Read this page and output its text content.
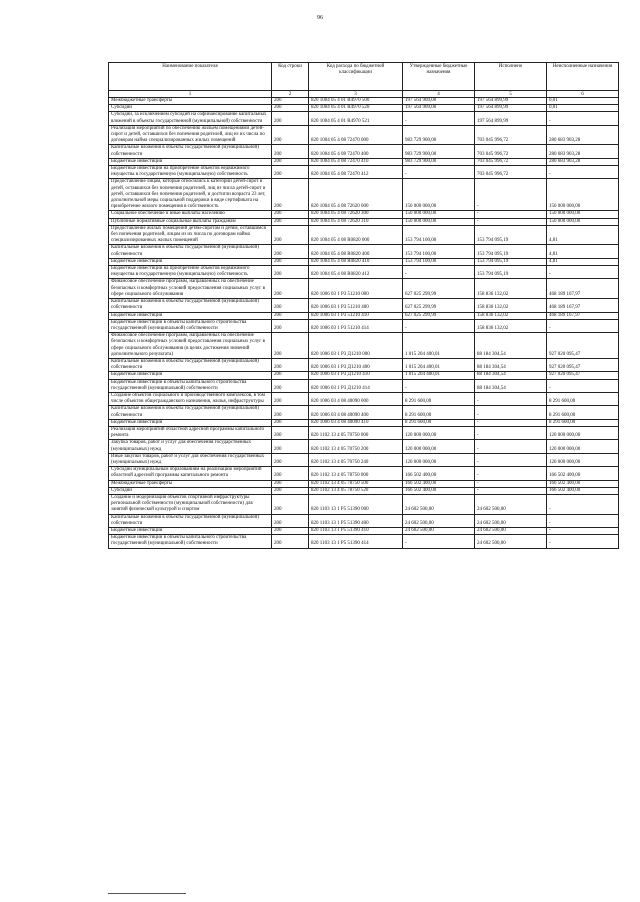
96
Наименование показателя	Код строки	Код расхода по бюджетной классификации	Утвержденные бюджетные назначения	Исполнено	Неисполненные назначения
1	2	3	4	5	6
Межбюджетные трансферты	200	820 1004 05 4 01 R4970 500	197 564 909,00	197 564 899,99	0,01
Субсидии	200	820 1004 05 4 01 R4970 520	197 564 909,00	197 564 899,99	0,01
Субсидии, за исключением субсидий на софинансирование капитальных вложений в объекты государственной (муниципальной) собственности	200	820 1004 05 4 01 R4970 521	-	197 564 899,99	-
Реализация мероприятий по обеспечению жильем помещениями детей-сирот и детей, оставшихся без попечения родителей, лиц из их числа по договорам найма специализированных жилых помещений	200	820 1004 05 4 08 72470 000	983 729 900,00	703 045 996,72	280 683 903,28
Капитальные вложения в объекты государственной (муниципальной) собственности	200	820 1004 05 4 08 72470 400	983 729 900,00	703 045 996,72	280 683 903,28
Бюджетные инвестиции	200	820 1004 05 4 08 72470 410	983 729 900,00	703 045 996,72	280 683 903,28
Бюджетные инвестиции на приобретение объектов недвижимого имущества в государственную (муниципальную) собственность	200	820 1004 05 4 08 72470 412	-	703 045 996,72	-
Предоставление лицам, которые относились к категории детей-сирот и детей, оставшихся без попечения родителей, лиц из числа детей-сирот и детей, оставшихся без попечения родителей, и достигли возраста 23 лет, дополнительной меры социальной поддержки в виде сертификата на приобретение жилого помещения в собственность	200	820 1004 05 4 08 72620 000	150 000 000,00	-	150 000 000,00
Социальное обеспечение и иные выплаты населению	200	820 1004 05 4 08 72620 300	150 000 000,00	-	150 000 000,00
Публичные нормативные социальные выплаты гражданам	200	820 1004 05 4 08 72620 310	150 000 000,00	-	150 000 000,00
Предоставление жилых помещений детям-сиротам и детям, оставшимся без попечения родителей, лицам из их числа по договорам найма специализированных жилых помещений	200	820 1004 05 4 08 R0820 000	153 794 100,00	153 794 095,19	4,81
Капитальные вложения в объекты государственной (муниципальной) собственности	200	820 1004 05 4 08 R0820 400	153 794 100,00	153 794 095,19	4,81
Бюджетные инвестиции	200	820 1004 05 4 08 R0820 410	153 794 100,00	153 794 095,19	4,81
Бюджетные инвестиции на приобретение объектов недвижимого имущества в государственную (муниципальную) собственность	200	820 1004 05 4 08 R0820 412	-	153 794 095,19	-
Финансовое обеспечение программ, направленных на обеспечение безопасных и комфортных условий предоставления социальных услуг в сфере социального обслуживания	200	820 1006 03 1 P3 51210 000	627 025 299,99	158 836 132,02	468 189 167,97
Капитальные вложения в объекты государственной (муниципальной) собственности	200	820 1006 03 1 P3 51210 400	627 025 299,99	158 836 132,02	468 189 167,97
Бюджетные инвестиции	200	820 1006 03 1 P3 51210 410	627 025 299,99	158 836 132,02	468 189 167,97
Бюджетные инвестиции в объекты капитального строительства государственной (муниципальной) собственности	200	820 1006 03 1 P3 51210 414	-	158 836 132,02	-
Финансовое обеспечение программ, направленных на обеспечение безопасных и комфортных условий предоставления социальных услуг в сфере социального обслуживания (в целях достижения значений дополнительного результата)	200	820 1006 03 1 P3 Д1210 000	1 015 204 400,01	88 184 304,54	927 020 095,47
Капитальные вложения в объекты государственной (муниципальной) собственности	200	820 1006 03 1 P3 Д1210 400	1 015 204 400,01	88 184 304,54	927 020 095,47
Бюджетные инвестиции	200	820 1006 03 1 P3 Д1210 410	1 015 204 400,01	88 184 304,54	927 020 095,47
Бюджетные инвестиции в объекты капитального строительства государственной (муниципальной) собственности	200	820 1006 03 1 P3 Д1210 414	-	88 184 304,54	-
Создание объектов социального и производственного комплексов, в том числе объектов общегражданского назначения, жилья, инфраструктуры	200	820 1006 03 4 08 40090 000	8 291 600,00	-	8 291 600,00
Капитальные вложения в объекты государственной (муниципальной) собственности	200	820 1006 03 4 08 40090 400	8 291 600,00	-	8 291 600,00
Бюджетные инвестиции	200	820 1006 03 4 08 40090 410	8 291 600,00	-	8 291 600,00
Реализация мероприятий областной адресной программы капитального ремонта	200	820 1102 13 4 05 70750 000	120 000 000,00	-	120 000 000,00
Закупка товаров, работ и услуг для обеспечения государственных (муниципальных) нужд	200	820 1102 13 4 05 70750 200	120 000 000,00	-	120 000 000,00
Иные закупки товаров, работ и услуг для обеспечения государственных (муниципальных) нужд	200	820 1102 13 4 05 70750 240	120 000 000,00	-	120 000 000,00
Субсидии муниципальным образованиям на реализацию мероприятий областной адресной программы капитального ремонта	200	820 1102 13 4 05 78750 000	166 502 400,00	-	166 502 400,00
Межбюджетные трансферты	200	820 1102 13 4 05 78750 500	166 502 400,00	-	166 502 400,00
Субсидии	200	820 1102 13 4 05 78750 520	166 502 400,00	-	166 502 400,00
Создание и модернизация объектов спортивной инфраструктуры региональной собственности (муниципальной собственности) для занятий физической культурой и спортом	200	820 1103 13 1 P5 51390 000	24 602 500,00	24 602 500,00	-
Капитальные вложения в объекты государственной (муниципальной) собственности	200	820 1103 13 1 P5 51390 400	24 602 500,00	24 602 500,00	-
Бюджетные инвестиции	200	820 1103 13 1 P5 51390 410	24 602 500,00	24 602 500,00	-
Бюджетные инвестиции в объекты капитального строительства государственной (муниципальной) собственности	200	820 1103 13 1 P5 51390 414	-	24 602 500,00	-
